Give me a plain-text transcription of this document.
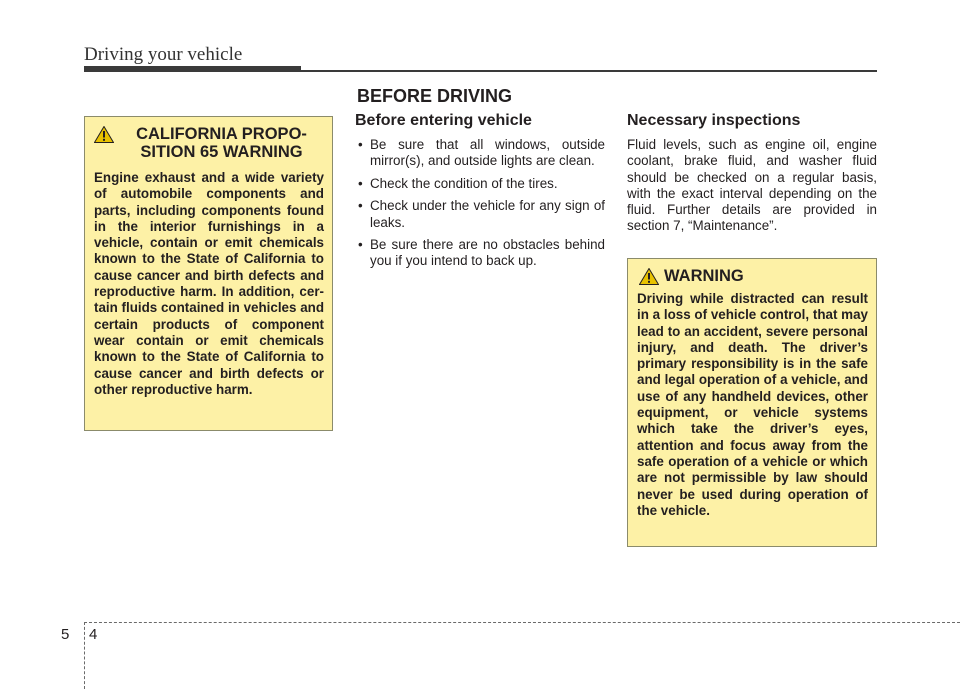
Driving your vehicle
BEFORE DRIVING
CALIFORNIA PROPO-
SITION 65 WARNING
Engine exhaust and a wide variety of automobile components and parts, including components found in the interior furnishings in a vehicle, contain or emit chemicals known to the State of California to cause cancer and birth defects and reproductive harm. In addition, certain fluids contained in vehicles and certain products of component wear contain or emit chemicals known to the State of California to cause cancer and birth defects or other reproductive harm.
Before entering vehicle
• Be sure that all windows, outside mirror(s), and outside lights are clean.
• Check the condition of the tires.
• Check under the vehicle for any sign of leaks.
• Be sure there are no obstacles behind you if you intend to back up.
Necessary inspections

Fluid levels, such as engine oil, engine coolant, brake fluid, and washer fluid should be checked on a regular basis, with the exact interval depending on the fluid. Further details are provided in section 7, “Maintenance”.

WARNING
Driving while distracted can result in a loss of vehicle control, that may lead to an accident, severe personal injury, and death. The driver’s primary responsibility is in the safe and legal operation of a vehicle, and use of any handheld devices, other equipment, or vehicle systems which take the driver’s eyes, attention and focus away from the safe operation of a vehicle or which are not permissible by law should never be used during operation of the vehicle.
5 4
